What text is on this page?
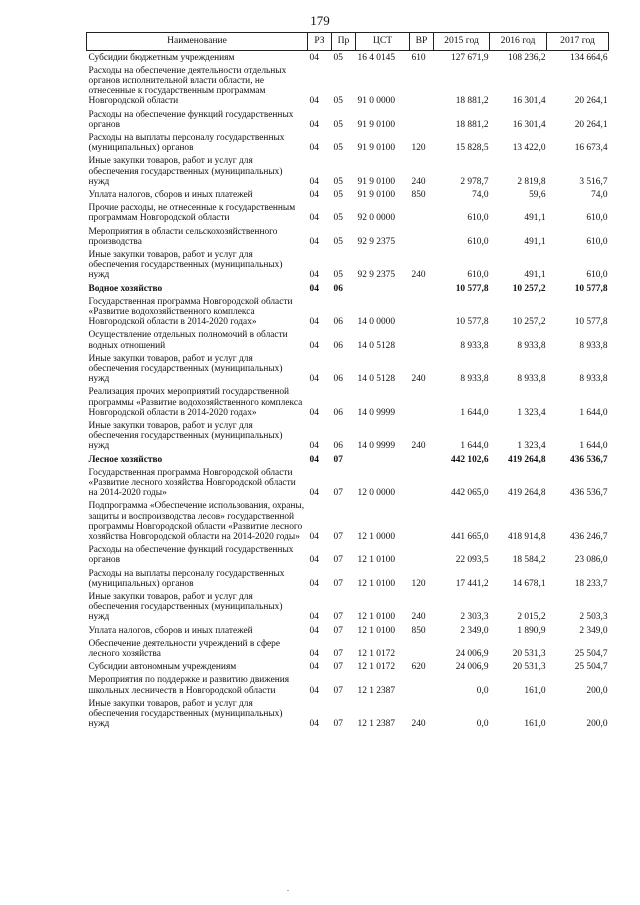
179
Наименование	РЗ	Пр	ЦСТ	ВР	2015 год	2016 год	2017 год
Субсидии бюджетным учреждениям	04	05	16 4 0145	610	127 671,9	108 236,2	134 664,6
Расходы на обеспечение деятельности отдельных органов исполнительной власти области, не отнесенные к государственным программам Новгородской области	04	05	91 0 0000		18 881,2	16 301,4	20 264,1
Расходы на обеспечение функций государственных органов	04	05	91 9 0100		18 881,2	16 301,4	20 264,1
Расходы на выплаты персоналу государственных (муниципальных) органов	04	05	91 9 0100	120	15 828,5	13 422,0	16 673,4
Иные закупки товаров, работ и услуг для обеспечения государственных (муниципальных) нужд	04	05	91 9 0100	240	2 978,7	2 819,8	3 516,7
Уплата налогов, сборов и иных платежей	04	05	91 9 0100	850	74,0	59,6	74,0
Прочие расходы, не отнесенные к государственным программам Новгородской области	04	05	92 0 0000		610,0	491,1	610,0
Мероприятия в области сельскохозяйственного производства	04	05	92 9 2375		610,0	491,1	610,0
Иные закупки товаров, работ и услуг для обеспечения государственных (муниципальных) нужд	04	05	92 9 2375	240	610,0	491,1	610,0
Водное хозяйство	04	06			10 577,8	10 257,2	10 577,8
Государственная программа Новгородской области «Развитие водохозяйственного комплекса Новгородской области в 2014-2020 годах»	04	06	14 0 0000		10 577,8	10 257,2	10 577,8
Осуществление отдельных полномочий в области водных отношений	04	06	14 0 5128		8 933,8	8 933,8	8 933,8
Иные закупки товаров, работ и услуг для обеспечения государственных (муниципальных) нужд	04	06	14 0 5128	240	8 933,8	8 933,8	8 933,8
Реализация прочих мероприятий государственной программы «Развитие водохозяйственного комплекса Новгородской области в 2014-2020 годах»	04	06	14 0 9999		1 644,0	1 323,4	1 644,0
Иные закупки товаров, работ и услуг для обеспечения государственных (муниципальных) нужд	04	06	14 0 9999	240	1 644,0	1 323,4	1 644,0
Лесное хозяйство	04	07			442 102,6	419 264,8	436 536,7
Государственная программа Новгородской области «Развитие лесного хозяйства Новгородской области на 2014-2020 годы»	04	07	12 0 0000		442 065,0	419 264,8	436 536,7
Подпрограмма «Обеспечение использования, охраны, защиты и воспроизводства лесов» государственной программы Новгородской области «Развитие лесного хозяйства Новгородской области на 2014-2020 годы»	04	07	12 1 0000		441 665,0	418 914,8	436 246,7
Расходы на обеспечение функций государственных органов	04	07	12 1 0100		22 093,5	18 584,2	23 086,0
Расходы на выплаты персоналу государственных (муниципальных) органов	04	07	12 1 0100	120	17 441,2	14 678,1	18 233,7
Иные закупки товаров, работ и услуг для обеспечения государственных (муниципальных) нужд	04	07	12 1 0100	240	2 303,3	2 015,2	2 503,3
Уплата налогов, сборов и иных платежей	04	07	12 1 0100	850	2 349,0	1 890,9	2 349,0
Обеспечение деятельности учреждений в сфере лесного хозяйства	04	07	12 1 0172		24 006,9	20 531,3	25 504,7
Субсидии автономным учреждениям	04	07	12 1 0172	620	24 006,9	20 531,3	25 504,7
Мероприятия по поддержке и развитию движения школьных лесничеств в Новгородской области	04	07	12 1 2387		0,0	161,0	200,0
Иные закупки товаров, работ и услуг для обеспечения государственных (муниципальных) нужд	04	07	12 1 2387	240	0,0	161,0	200,0
